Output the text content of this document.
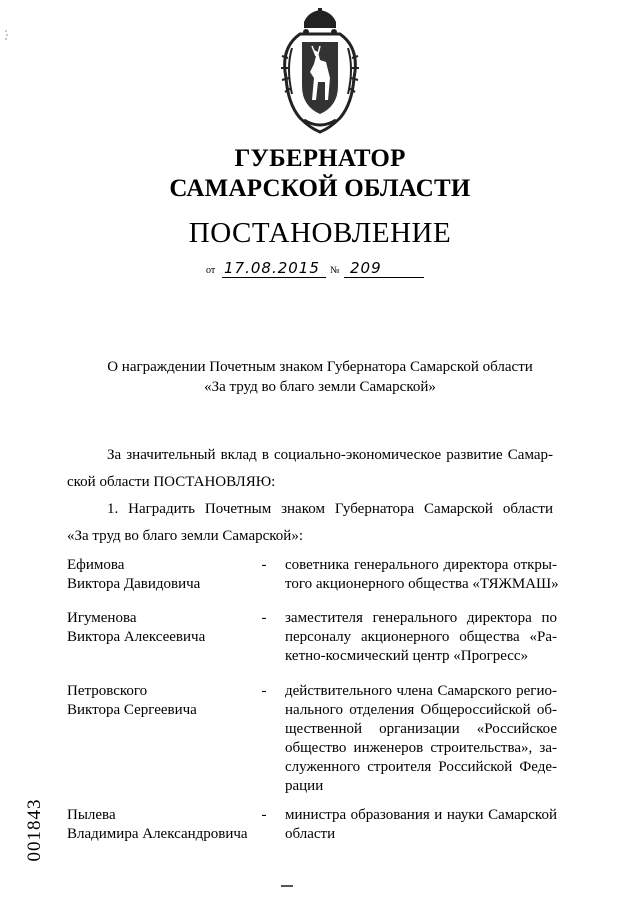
ГУБЕРНАТОР
САМАРСКОЙ ОБЛАСТИ
ПОСТАНОВЛЕНИЕ
от 17.08.2015 № 209
О награждении Почетным знаком Губернатора Самарской области
«За труд во благо земли Самарской»
За значительный вклад в социально-экономическое развитие Самар-
ской области ПОСТАНОВЛЯЮ:
1. Наградить Почетным знаком Губернатора Самарской области
«За труд во благо земли Самарской»:
Ефимова
Виктора Давидовича
- советника генерального директора откры-
того акционерного общества «ТЯЖМАШ»
Игуменова
Виктора Алексеевича
- заместителя генерального директора по
персоналу акционерного общества «Ра-
кетно-космический центр «Прогресс»
Петровского
Виктора Сергеевича
- действительного члена Самарского регио-
нального отделения Общероссийской об-
щественной организации «Российское
общество инженеров строительства», за-
служенного строителя Российской Феде-
рации
Пылева
Владимира Александровича
- министра образования и науки Самарской
области
001843
